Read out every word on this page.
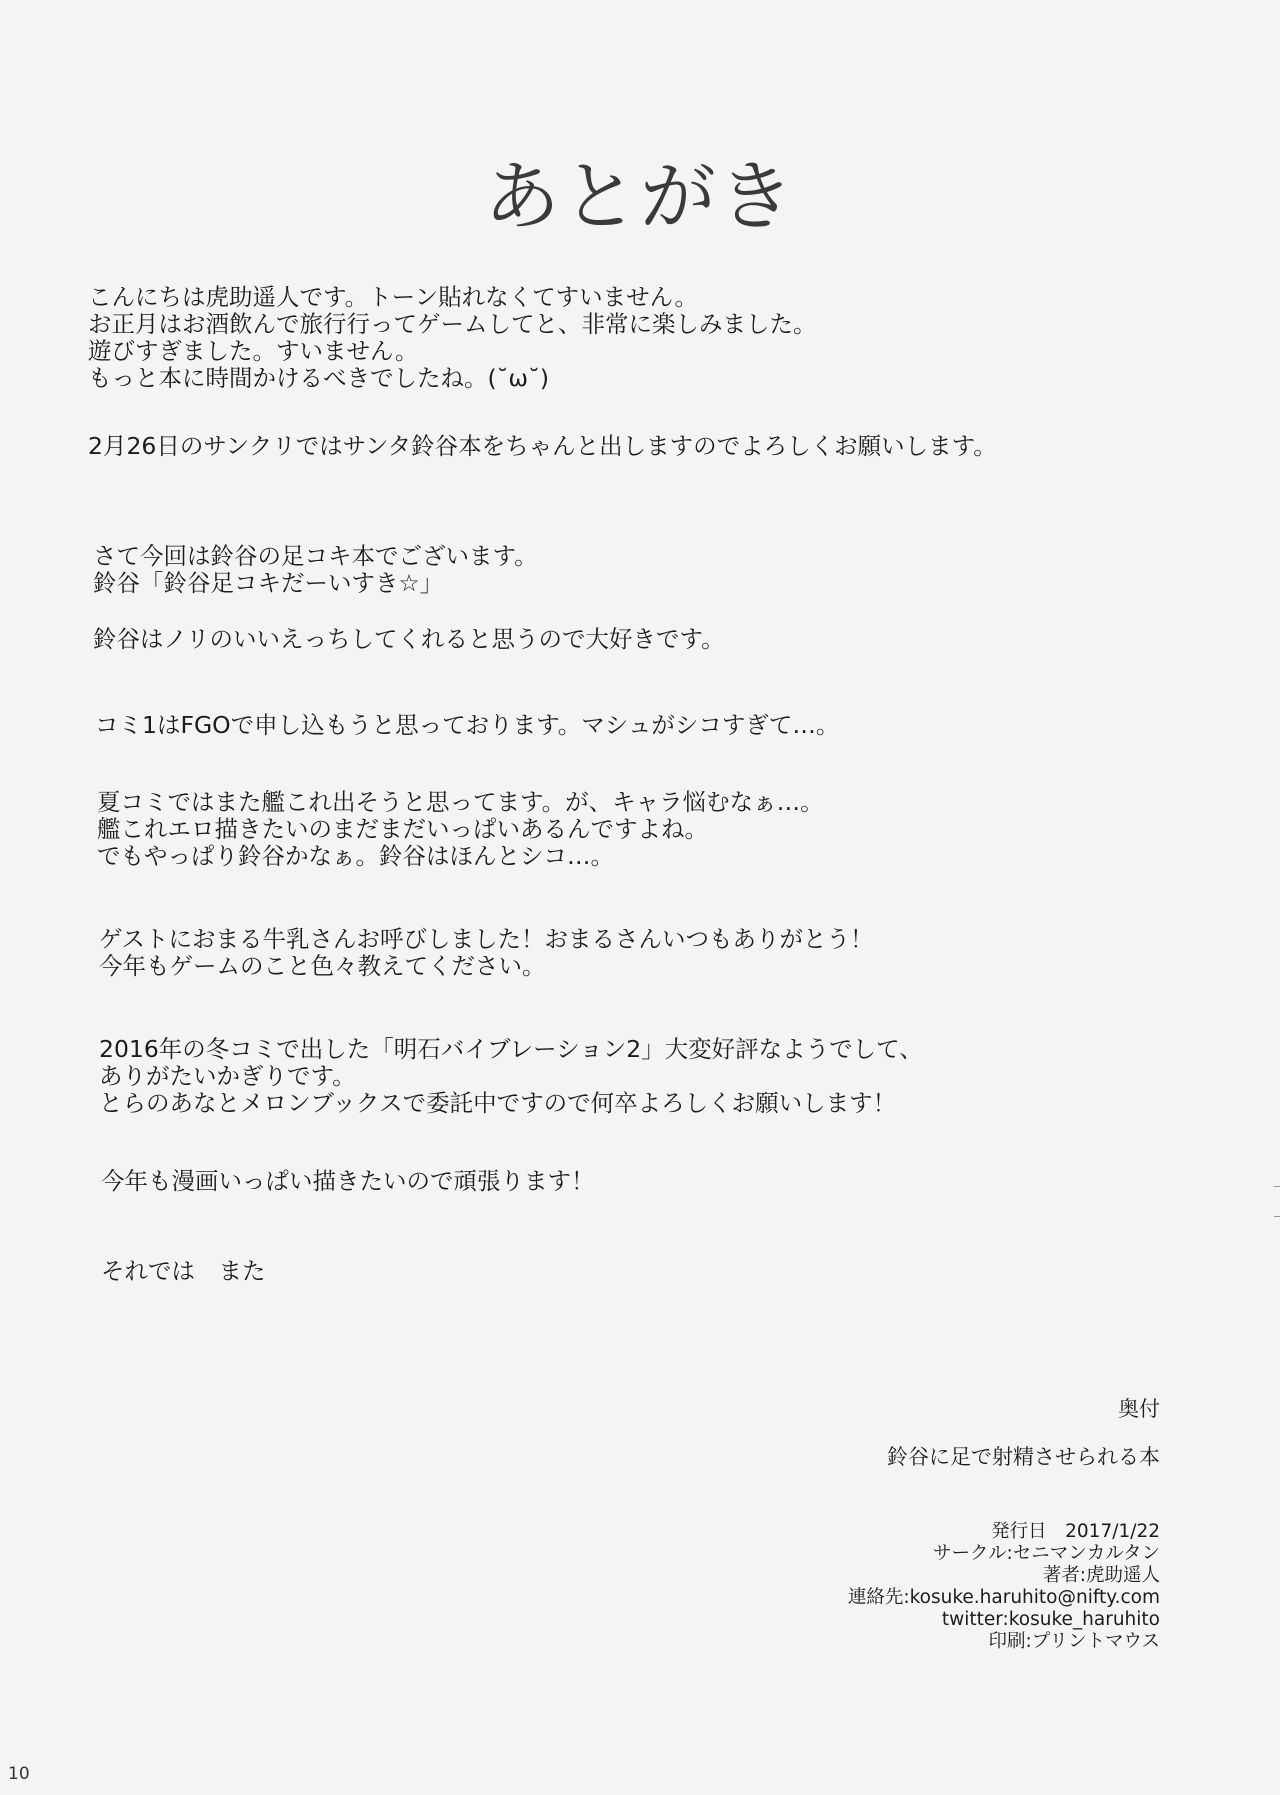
あとがき
こんにちは虎助遥人です。トーン貼れなくてすいません。
お正月はお酒飲んで旅行行ってゲームしてと、非常に楽しみました。
遊びすぎました。すいません。
もっと本に時間かけるべきでしたね。(˘ω˘)
2月26日のサンクリではサンタ鈴谷本をちゃんと出しますのでよろしくお願いします。
さて今回は鈴谷の足コキ本でございます。
鈴谷「鈴谷足コキだーいすき☆」
鈴谷はノリのいいえっちしてくれると思うので大好きです。
コミ1はFGOで申し込もうと思っております。マシュがシコすぎて…。
夏コミではまた艦これ出そうと思ってます。が、キャラ悩むなぁ…。
艦これエロ描きたいのまだまだいっぱいあるんですよね。
でもやっぱり鈴谷かなぁ。鈴谷はほんとシコ…。
ゲストにおまる牛乳さんお呼びしました！おまるさんいつもありがとう！
今年もゲームのこと色々教えてください。
2016年の冬コミで出した「明石バイブレーション2」大変好評なようでして、
ありがたいかぎりです。
とらのあなとメロンブックスで委託中ですので何卒よろしくお願いします！
今年も漫画いっぱい描きたいので頑張ります！
それでは　また
奥付
鈴谷に足で射精させられる本
発行日　2017/1/22
サークル:セニマンカルタン
著者:虎助遥人
連絡先:kosuke.haruhito@nifty.com
twitter:kosuke_haruhito
印刷:プリントマウス
10
